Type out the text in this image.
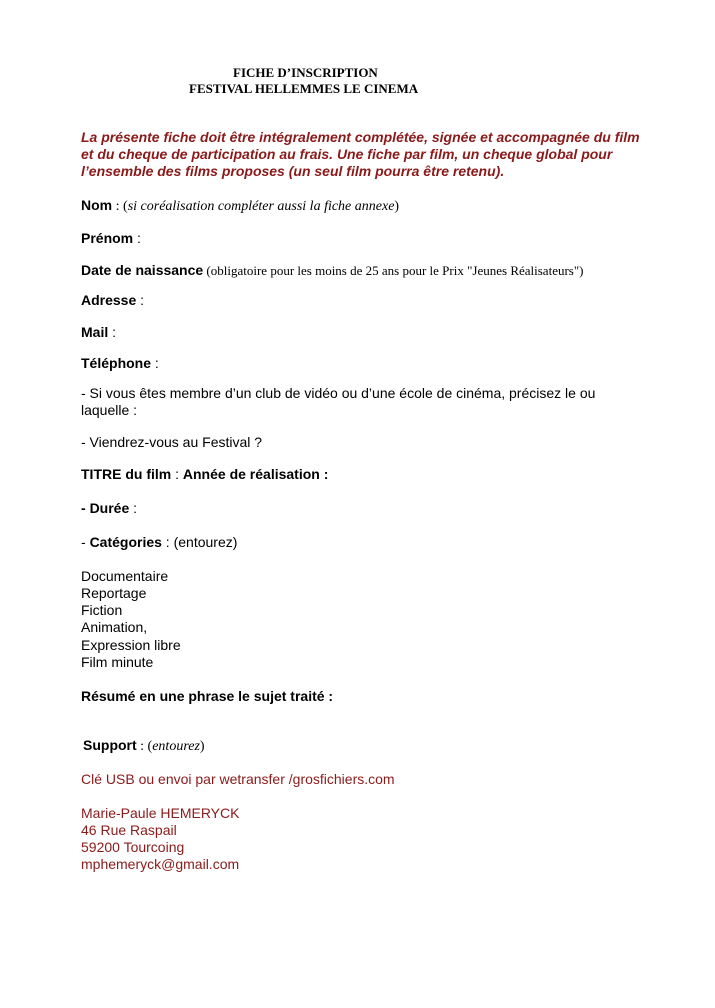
FICHE D’INSCRIPTION
FESTIVAL HELLEMMES LE CINEMA
La présente fiche doit être intégralement complétée, signée et accompagnée du film et du cheque de participation au frais. Une fiche par film, un cheque global pour l’ensemble des films proposes (un seul film pourra être retenu).
Nom : (si coréalisation compléter aussi la fiche annexe)
Prénom :
Date de naissance (obligatoire pour les moins de 25 ans pour le Prix "Jeunes Réalisateurs")
Adresse :
Mail :
Téléphone :
- Si vous êtes membre d’un club de vidéo ou d’une école de cinéma, précisez le ou
laquelle :
- Viendrez-vous au Festival ?
TITRE du film : Année de réalisation :
- Durée :
- Catégories : (entourez)
Documentaire
Reportage
Fiction
Animation,
Expression libre
Film minute
Résumé en une phrase le sujet traité :
Support : (entourez)
Clé USB ou envoi par wetransfer /grosfichiers.com
Marie-Paule HEMERYCK
46 Rue Raspail
59200 Tourcoing
mphemeryck@gmail.com
